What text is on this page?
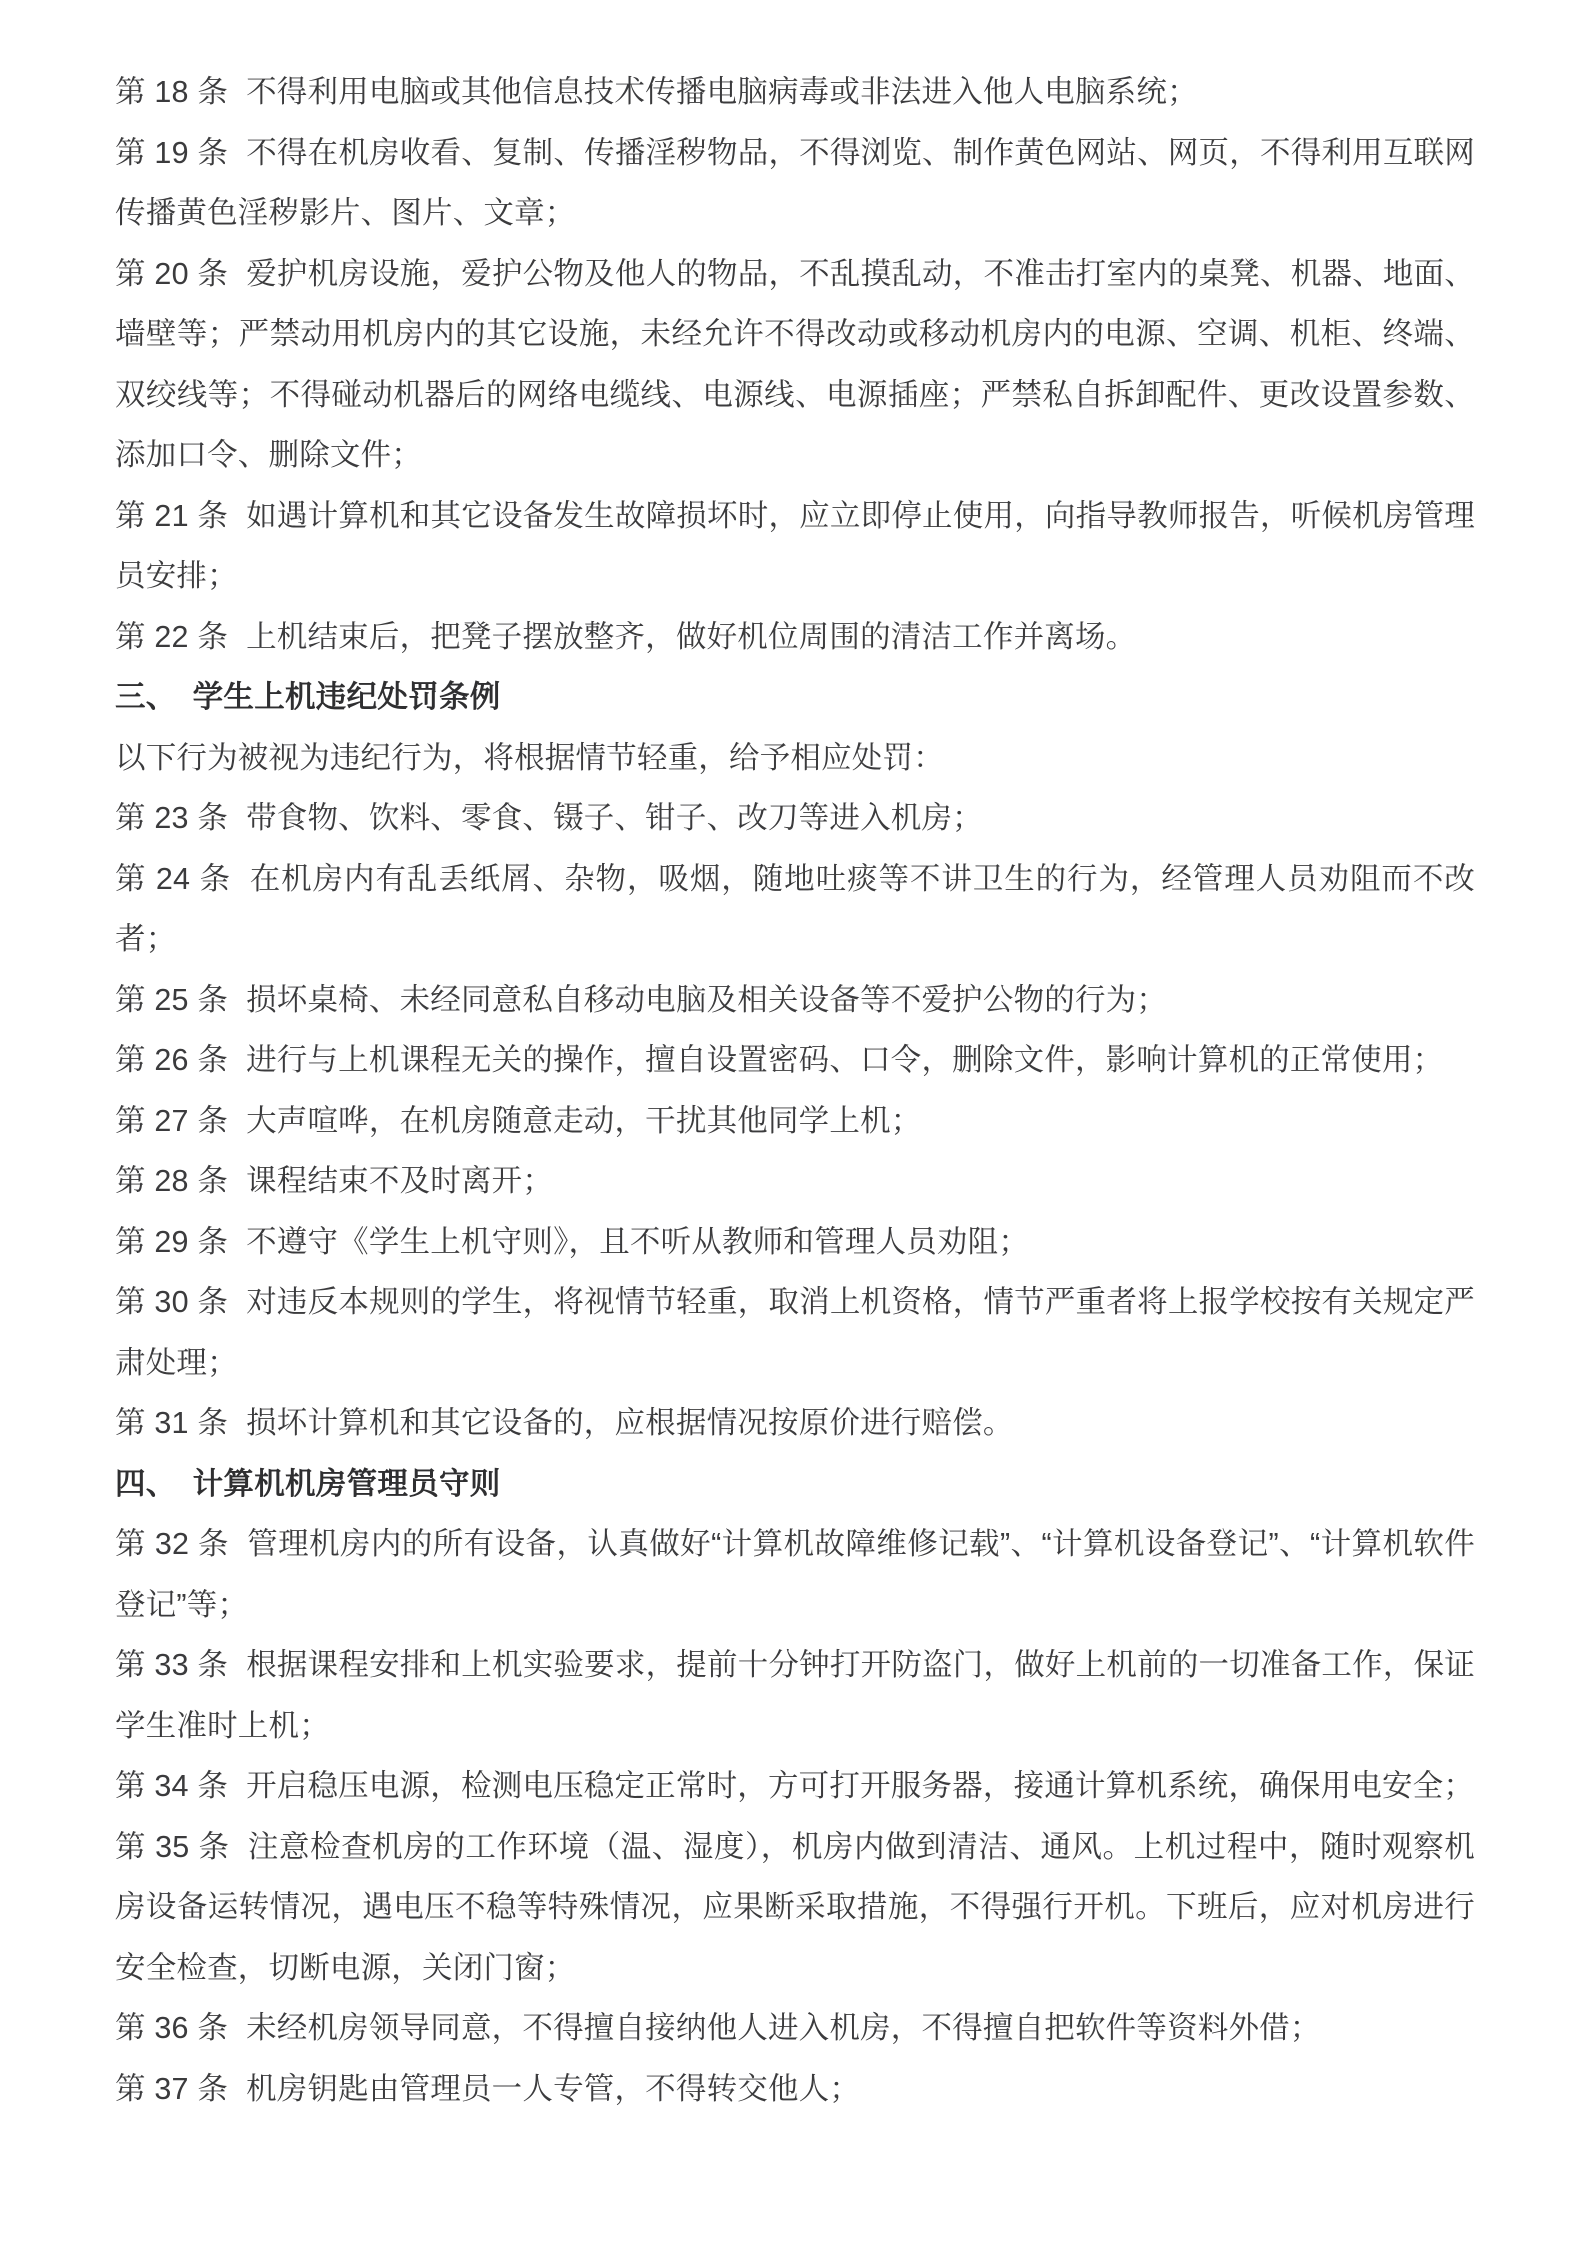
第 18 条 不得利用电脑或其他信息技术传播电脑病毒或非法进入他人电脑系统；

第 19 条 不得在机房收看、复制、传播淫秽物品，不得浏览、制作黄色网站、网页，不得利用互联网传播黄色淫秽影片、图片、文章；

第 20 条 爱护机房设施，爱护公物及他人的物品，不乱摸乱动，不准击打室内的桌凳、机器、地面、墙壁等；严禁动用机房内的其它设施，未经允许不得改动或移动机房内的电源、空调、机柜、终端、双绞线等；不得碰动机器后的网络电缆线、电源线、电源插座；严禁私自拆卸配件、更改设置参数、添加口令、删除文件；

第 21 条 如遇计算机和其它设备发生故障损坏时，应立即停止使用，向指导教师报告，听候机房管理员安排；

第 22 条 上机结束后，把凳子摆放整齐，做好机位周围的清洁工作并离场。

三、 学生上机违纪处罚条例

以下行为被视为违纪行为，将根据情节轻重，给予相应处罚：

第 23 条 带食物、饮料、零食、镊子、钳子、改刀等进入机房；

第 24 条 在机房内有乱丢纸屑、杂物，吸烟，随地吐痰等不讲卫生的行为，经管理人员劝阻而不改者；

第 25 条 损坏桌椅、未经同意私自移动电脑及相关设备等不爱护公物的行为；

第 26 条 进行与上机课程无关的操作，擅自设置密码、口令，删除文件，影响计算机的正常使用；

第 27 条 大声喧哗，在机房随意走动，干扰其他同学上机；

第 28 条 课程结束不及时离开；

第 29 条 不遵守《学生上机守则》，且不听从教师和管理人员劝阻；

第 30 条 对违反本规则的学生，将视情节轻重，取消上机资格，情节严重者将上报学校按有关规定严肃处理；

第 31 条 损坏计算机和其它设备的，应根据情况按原价进行赔偿。

四、 计算机机房管理员守则

第 32 条 管理机房内的所有设备，认真做好“计算机故障维修记载”、“计算机设备登记”、“计算机软件登记”等；

第 33 条 根据课程安排和上机实验要求，提前十分钟打开防盗门，做好上机前的一切准备工作，保证学生准时上机；

第 34 条 开启稳压电源，检测电压稳定正常时，方可打开服务器，接通计算机系统，确保用电安全；

第 35 条 注意检查机房的工作环境（温、湿度），机房内做到清洁、通风。上机过程中，随时观察机房设备运转情况，遇电压不稳等特殊情况，应果断采取措施，不得强行开机。下班后，应对机房进行安全检查，切断电源，关闭门窗；

第 36 条 未经机房领导同意，不得擅自接纳他人进入机房，不得擅自把软件等资料外借；

第 37 条 机房钥匙由管理员一人专管，不得转交他人；
